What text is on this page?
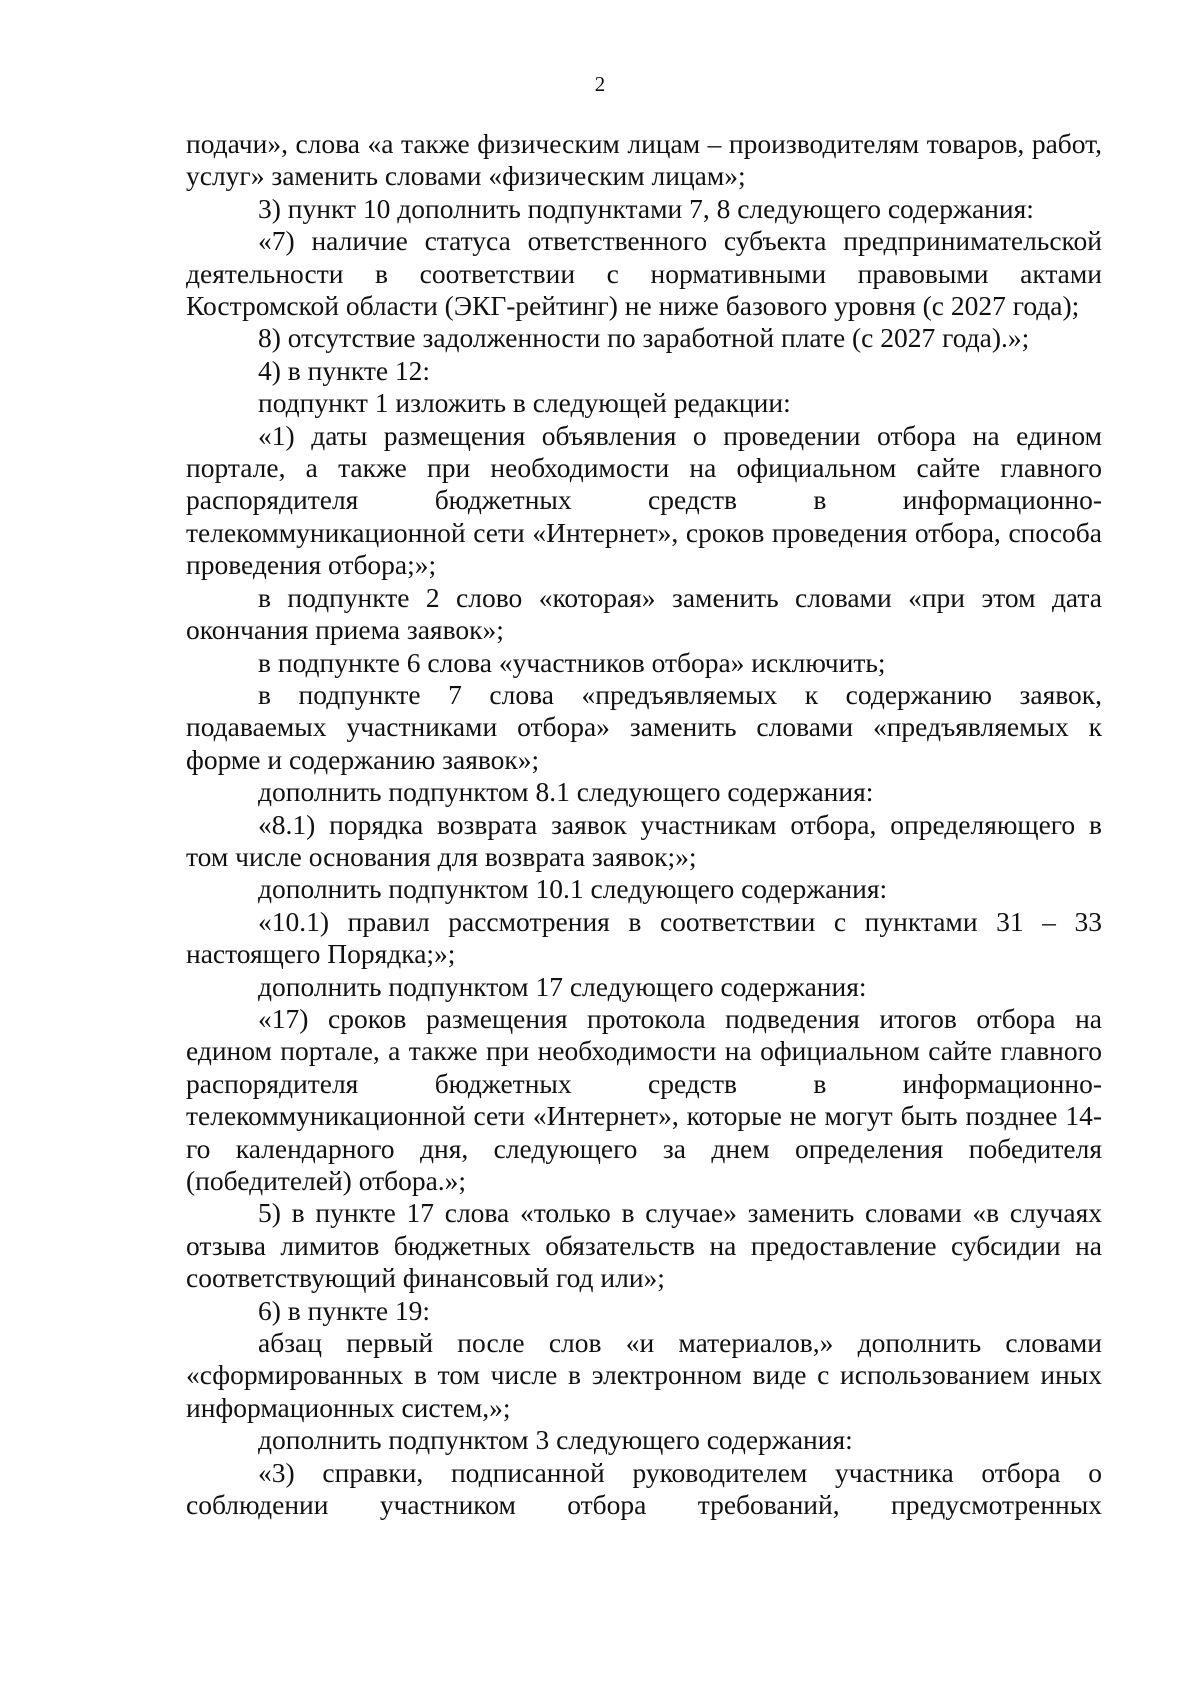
2

подачи», слова «а также физическим лицам – производителям товаров, работ, услуг» заменить словами «физическим лицам»;

3) пункт 10 дополнить подпунктами 7, 8 следующего содержания:

«7) наличие статуса ответственного субъекта предпринимательской деятельности в соответствии с нормативными правовыми актами Костромской области (ЭКГ-рейтинг) не ниже базового уровня (с 2027 года);

8) отсутствие задолженности по заработной плате (с 2027 года).»;

4) в пункте 12:

подпункт 1 изложить в следующей редакции:

«1) даты размещения объявления о проведении отбора на едином портале, а также при необходимости на официальном сайте главного распорядителя бюджетных средств в информационно-телекоммуникационной сети «Интернет», сроков проведения отбора, способа проведения отбора;»;

в подпункте 2 слово «которая» заменить словами «при этом дата окончания приема заявок»;

в подпункте 6 слова «участников отбора» исключить;

в подпункте 7 слова «предъявляемых к содержанию заявок, подаваемых участниками отбора» заменить словами «предъявляемых к форме и содержанию заявок»;

дополнить подпунктом 8.1 следующего содержания:

«8.1) порядка возврата заявок участникам отбора, определяющего в том числе основания для возврата заявок;»;

дополнить подпунктом 10.1 следующего содержания:

«10.1) правил рассмотрения в соответствии с пунктами 31 – 33 настоящего Порядка;»;

дополнить подпунктом 17 следующего содержания:

«17) сроков размещения протокола подведения итогов отбора на едином портале, а также при необходимости на официальном сайте главного распорядителя бюджетных средств в информационно-телекоммуникационной сети «Интернет», которые не могут быть позднее 14-го календарного дня, следующего за днем определения победителя (победителей) отбора.»;

5) в пункте 17 слова «только в случае» заменить словами «в случаях отзыва лимитов бюджетных обязательств на предоставление субсидии на соответствующий финансовый год или»;

6) в пункте 19:

абзац первый после слов «и материалов,» дополнить словами «сформированных в том числе в электронном виде с использованием иных информационных систем,»;

дополнить подпунктом 3 следующего содержания:

«3) справки, подписанной руководителем участника отбора о соблюдении участником отбора требований, предусмотренных
